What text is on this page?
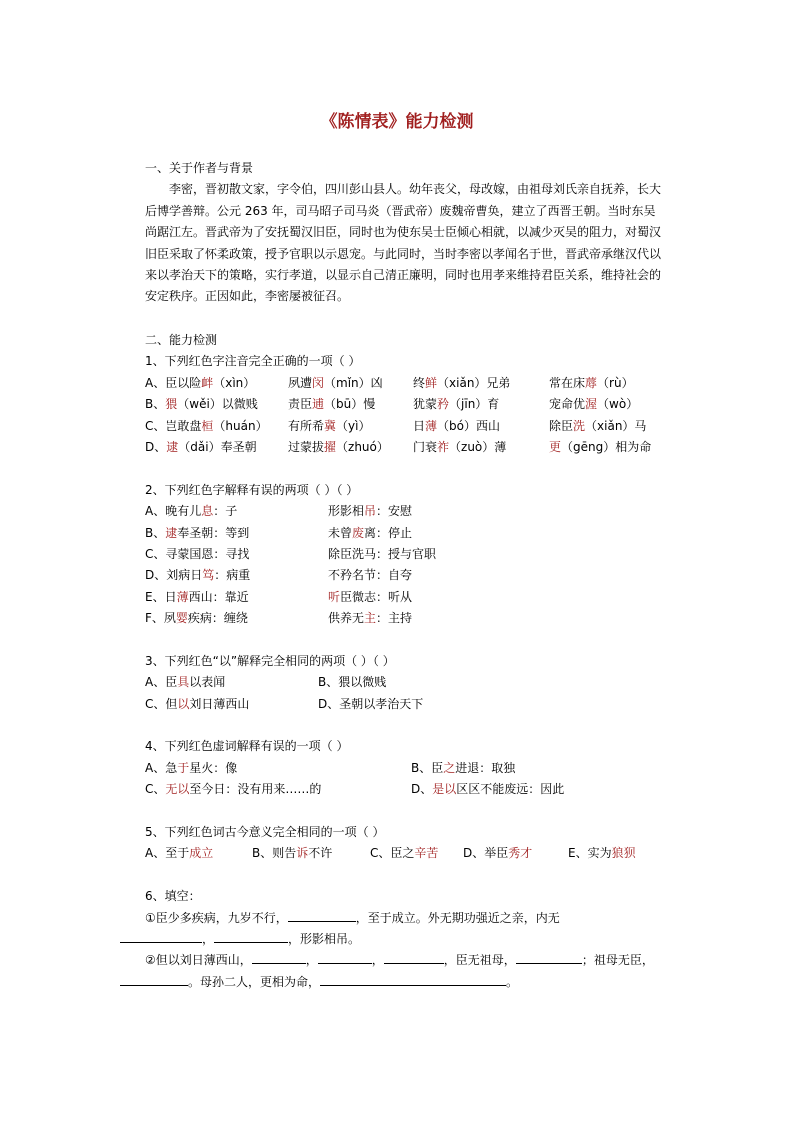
《陈情表》能力检测
一、关于作者与背景

李密，晋初散文家，字令伯，四川彭山县人。幼年丧父，母改嫁，由祖母刘氏亲自抚养，长大后博学善辩。公元 263 年，司马昭子司马炎（晋武帝）废魏帝曹奂，建立了西晋王朝。当时东吴尚踞江左。晋武帝为了安抚蜀汉旧臣，同时也为使东吴士臣倾心相就，以减少灭吴的阻力，对蜀汉旧臣采取了怀柔政策，授予官职以示恩宠。与此同时，当时李密以孝闻名于世，晋武帝承继汉代以来以孝治天下的策略，实行孝道，以显示自己清正廉明，同时也用孝来维持君臣关系，维持社会的安定秩序。正因如此，李密屡被征召。

二、能力检测
1、下列红色字注音完全正确的一项（ ）
A、臣以险衅（xìn）	夙遭闵（mǐn）凶	终鲜（xiǎn）兄弟	常在床蓐（rù）
B、猥（wěi）以微贱	责臣逋（bū）慢	犹蒙矜（jīn）育	宠命优渥（wò）
C、岂敢盘桓（huán） 有所希冀（yì）	日薄（bó）西山	除臣洗（xiǎn）马
D、逮（dǎi）奉圣朝	过蒙拔擢（zhuó） 门衰祚（zuò）薄	更（gēng）相为命
2、下列红色字解释有误的两项（ ）（ ）
A、晚有儿息：子	形影相吊：安慰
B、逮奉圣朝：等到	未曾废离：停止
C、寻蒙国恩：寻找	除臣洗马：授与官职
D、刘病日笃：病重	不矜名节：自夸
E、日薄西山：靠近	听臣微志：听从
F、夙婴疾病：缠绕	供养无主：主持
3、下列红色“以”解释完全相同的两项（ ）（ ）
A、臣具以表闻	B、猥以微贱
C、但以刘日薄西山	D、圣朝以孝治天下
4、下列红色虚词解释有误的一项（ ）
A、急于星火：像	B、臣之进退：取独
C、无以至今日：没有用来……的	D、是以区区不能废远：因此
5、下列红色词古今意义完全相同的一项（ ）
A、至于成立	B、则告诉不许	C、臣之辛苦 D、举臣秀才	E、实为狼狈
6、填空：
①臣少多疾病，九岁不行，	，至于成立。外无期功强近之亲，内无
，	，形影相吊。
②但以刘日薄西山，	，	，	，臣无祖母，	；祖母无臣，
。母孙二人，更相为命，	。
